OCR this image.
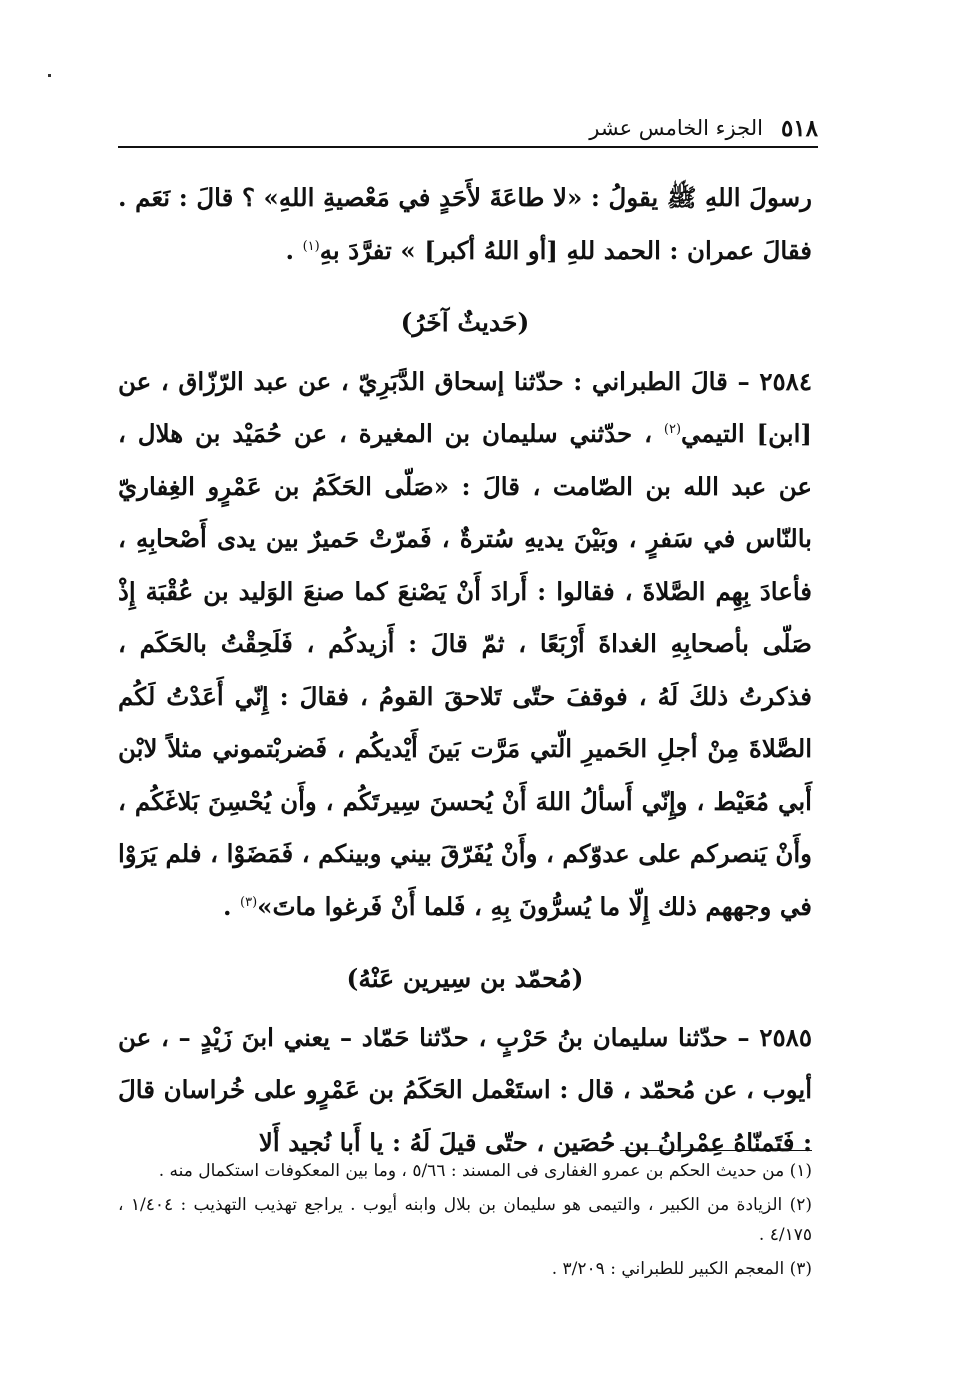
٥١٨
الجزء الخامس عشر

رسولَ اللهِ ﷺ يقولُ : «لا طاعَةَ لأَحَدٍ في مَعْصيةِ اللهِ» ؟ قالَ : نَعَم . فقالَ عمران : الحمد للهِ [أو اللهُ أكبر] » تفرَّدَ بهِ$^{(١)}$ .

(حَديثٌ آخَرُ)

٢٥٨٤ – قالَ الطبراني : حدّثنا إسحاق الدَّبَرِيّ ، عن عبد الرّزّاق ، عن [ابن] التيمي$^{(٢)}$ ، حدّثني سليمان بن المغيرة ، عن حُمَيْد بن هلال ، عن عبد الله بن الصّامت ، قالَ : «صَلّى الحَكَمُ بن عَمْرٍو الغِفاريّ بالنّاس في سَفرٍ ، وبَيْنَ يديهِ سُترةٌ ، فَمرّتْ حَميرٌ بين يدى أَصْحابِهِ ، فأعادَ بِهِم الصَّلاةَ ، فقالوا : أَرادَ أَنْ يَصْنعَ كما صنعَ الوَليد بن عُقْبَة إِذْ صَلّى بأصحابِهِ الغداةَ أَرْبَعًا ، ثمّ قالَ : أَزيدكُم ، فَلَحِقْتُ بالحَكَم ، فذكرتُ ذلكَ لَهُ ، فوقفَ حتّى تَلاحقَ القومُ ، فقالَ : إِنّي أَعَدْتُ لَكُم الصَّلاةَ مِنْ أجلِ الحَميرِ الّتي مَرَّت بَينَ أَيْديكُم ، فَضربْتموني مثلاً لابْن أَبي مُعَيْط ، وإِنّي أَسألُ اللهَ أَنْ يُحسنَ سِيرتَكُم ، وأَن يُحْسِنَ بَلاغَكُم ، وأَنْ يَنصركم على عدوّكم ، وأَنْ يُفَرّقَ بيني وبينكم ، فَمَضَوْا ، فلم يَرَوْا في وجههم ذلك إِلّا ما يُسرُّونَ بِهِ ، فَلما أَنْ فَرغوا ماتَ»$^{(٣)}$ .

(مُحمّد بن سِيرين عَنْهُ)

٢٥٨٥ – حدّثنا سليمان بنُ حَرْبٍ ، حدّثنا حَمّاد – يعني ابنَ زَيْدٍ – ، عن أيوب ، عن مُحمّد ، قال : استَعْمل الحَكَمُ بن عَمْرٍو على خُراسان قالَ : فَتَمنّاهُ عِمْرانُ بن حُصَين ، حتّى قيلَ لَهُ : يا أَبا نُجيد أَلا

(١) من حديث الحكم بن عمرو الغفارى فى المسند : ٥/٦٦ ، وما بين المعكوفات استكمال منه .

(٢) الزيادة من الكبير ، والتيمى هو سليمان بن بلال وابنه أيوب . يراجع تهذيب التهذيب : ١/٤٠٤ ، ٤/١٧٥ .

(٣) المعجم الكبير للطبراني : ٣/٢٠٩ .
